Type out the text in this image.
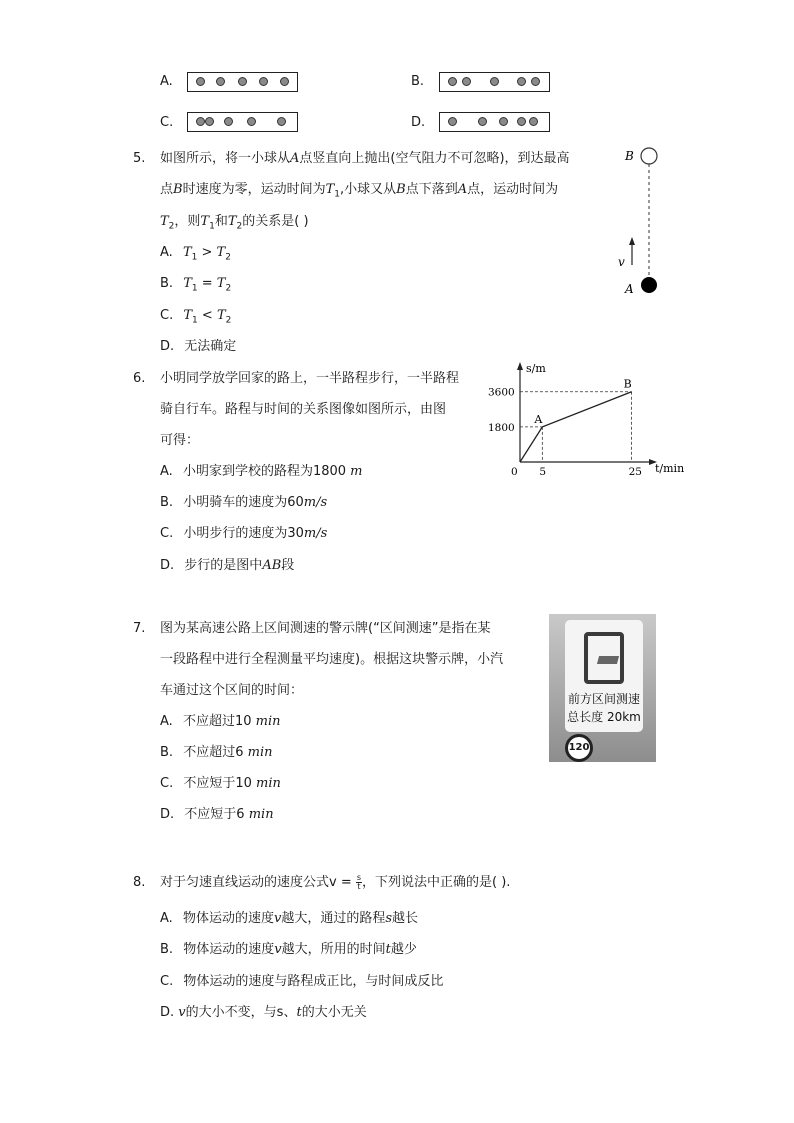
A.	B.
C.	D.
5. 如图所示，将一小球从A点竖直向上抛出(空气阻力不可忽略)，到达最高
点B时速度为零，运动时间为$T_1$,小球又从B点下落到A点，运动时间为
$T_2$，则$T_1$和$T_2$的关系是( )
A. $T_1 > T_2$
B. $T_1 = T_2$
C. $T_1 < T_2$
D. 无法确定
B
A
v
6. 小明同学放学回家的路上，一半路程步行，一半路程
骑自行车。路程与时间的关系图像如图所示，由图
可得：
A. 小明家到学校的路程为1800 m
B. 小明骑车的速度为60m/s
C. 小明步行的速度为30m/s
D. 步行的是图中AB段
s/m
t/min
0 5	25
1800
3600
A
B
7. 图为某高速公路上区间测速的警示牌(“区间测速”是指在某
一段路程中进行全程测量平均速度)。根据这块警示牌，小汽
车通过这个区间的时间：
A. 不应超过10 min
B. 不应超过6 min
C. 不应短于10 min
D. 不应短于6 min
前方区间测速
总长度 20km
120
8. 对于匀速直线运动的速度公式$v = \frac{s}{t}$ ，下列说法中正确的是( ).
A. 物体运动的速度v越大，通过的路程s越长
B. 物体运动的速度v越大，所用的时间t越少
C. 物体运动的速度与路程成正比，与时间成反比
D. v的大小不变，与s、t的大小无关
